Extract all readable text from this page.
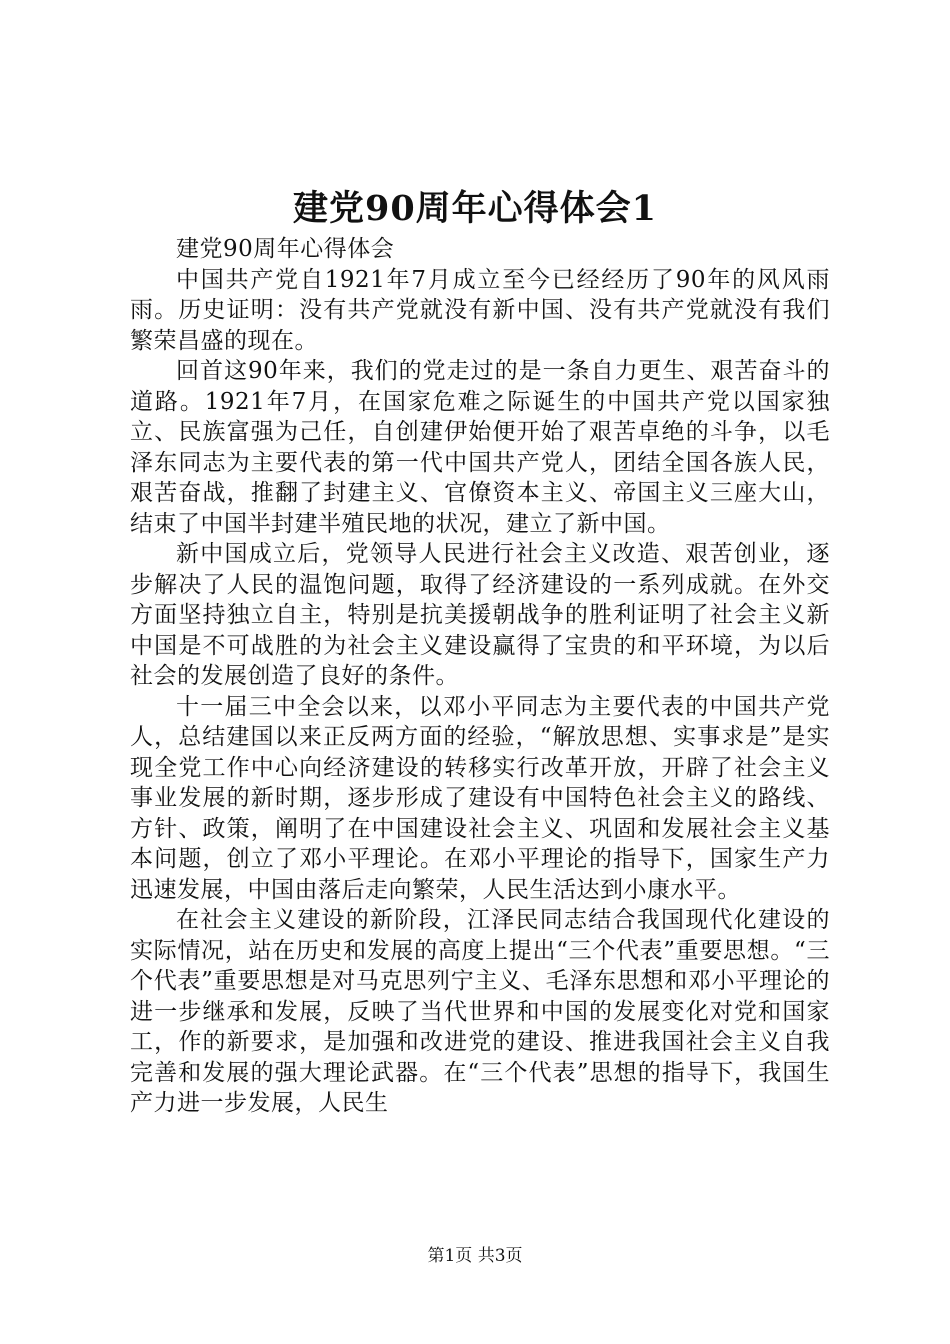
建党90周年心得体会1

建党90周年心得体会

中国共产党自1921年7月成立至今已经经历了90年的风风雨雨。历史证明：没有共产党就没有新中国、没有共产党就没有我们繁荣昌盛的现在。

回首这90年来，我们的党走过的是一条自力更生、艰苦奋斗的道路。1921年7月，在国家危难之际诞生的中国共产党以国家独立、民族富强为己任，自创建伊始便开始了艰苦卓绝的斗争，以毛泽东同志为主要代表的第一代中国共产党人，团结全国各族人民，艰苦奋战，推翻了封建主义、官僚资本主义、帝国主义三座大山，结束了中国半封建半殖民地的状况，建立了新中国。

新中国成立后，党领导人民进行社会主义改造、艰苦创业，逐步解决了人民的温饱问题，取得了经济建设的一系列成就。在外交方面坚持独立自主，特别是抗美援朝战争的胜利证明了社会主义新中国是不可战胜的为社会主义建设赢得了宝贵的和平环境，为以后社会的发展创造了良好的条件。

十一届三中全会以来，以邓小平同志为主要代表的中国共产党人，总结建国以来正反两方面的经验，“解放思想、实事求是”是实现全党工作中心向经济建设的转移实行改革开放，开辟了社会主义事业发展的新时期，逐步形成了建设有中国特色社会主义的路线、方针、政策，阐明了在中国建设社会主义、巩固和发展社会主义基本问题，创立了邓小平理论。在邓小平理论的指导下，国家生产力迅速发展，中国由落后走向繁荣，人民生活达到小康水平。

在社会主义建设的新阶段，江泽民同志结合我国现代化建设的实际情况，站在历史和发展的高度上提出“三个代表”重要思想。“三个代表”重要思想是对马克思列宁主义、毛泽东思想和邓小平理论的进一步继承和发展，反映了当代世界和中国的发展变化对党和国家工，作的新要求，是加强和改进党的建设、推进我国社会主义自我完善和发展的强大理论武器。在“三个代表”思想的指导下，我国生产力进一步发展，人民生

第1页 共3页
